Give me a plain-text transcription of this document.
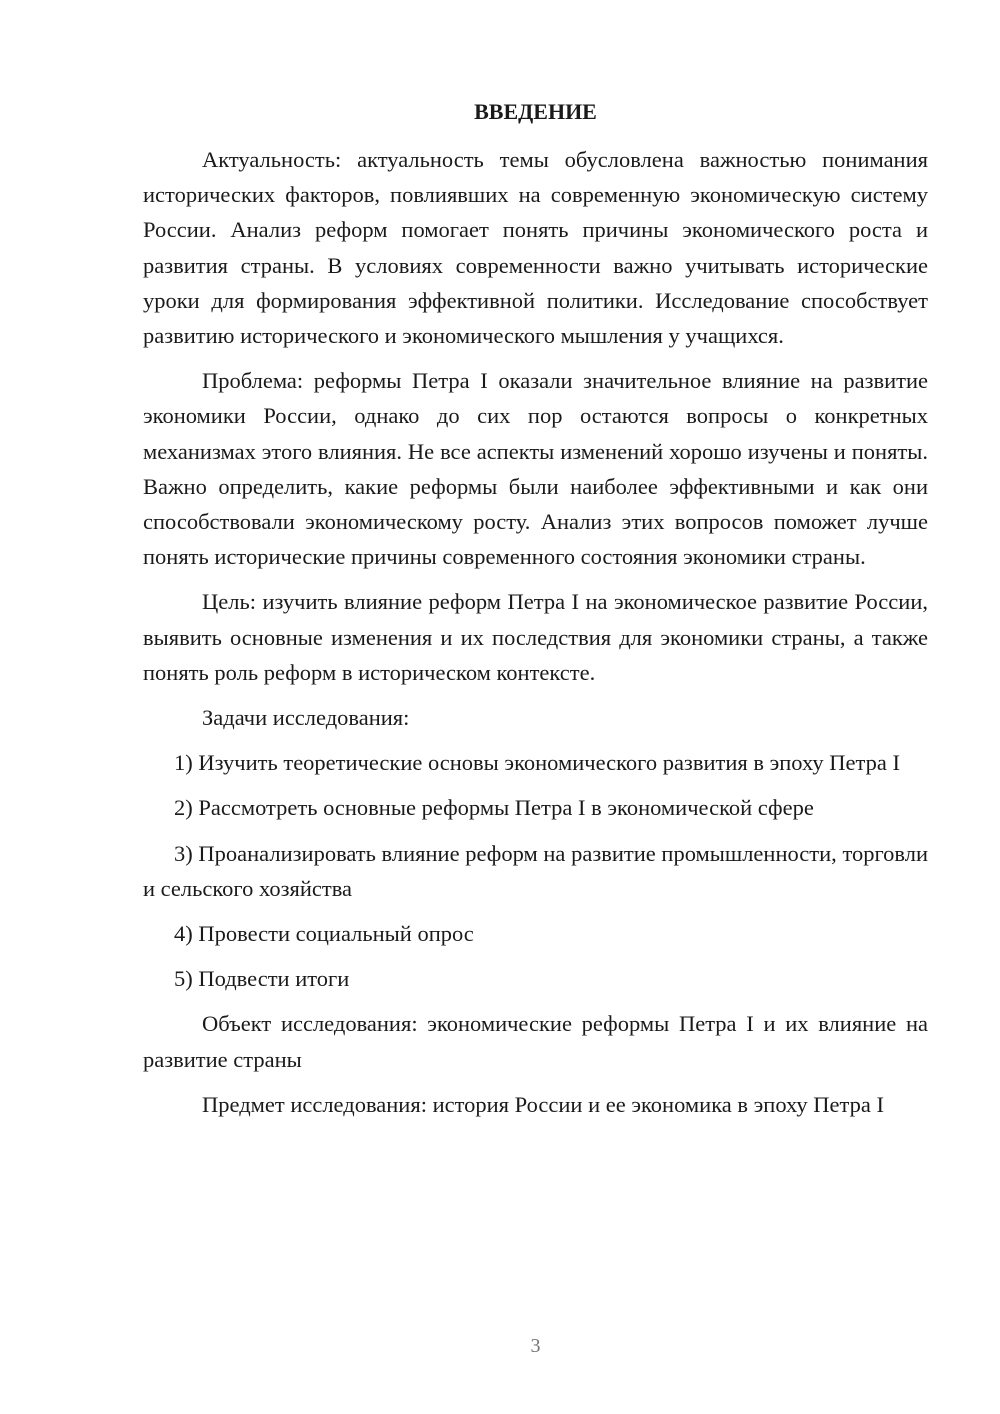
ВВЕДЕНИЕ

Актуальность: актуальность темы обусловлена важностью понимания исторических факторов, повлиявших на современную экономическую систему России. Анализ реформ помогает понять причины экономического роста и развития страны. В условиях современности важно учитывать исторические уроки для формирования эффективной политики. Исследование способствует развитию исторического и экономического мышления у учащихся.

Проблема: реформы Петра I оказали значительное влияние на развитие экономики России, однако до сих пор остаются вопросы о конкретных механизмах этого влияния. Не все аспекты изменений хорошо изучены и поняты. Важно определить, какие реформы были наиболее эффективными и как они способствовали экономическому росту. Анализ этих вопросов поможет лучше понять исторические причины современного состояния экономики страны.

Цель: изучить влияние реформ Петра I на экономическое развитие России, выявить основные изменения и их последствия для экономики страны, а также понять роль реформ в историческом контексте.

Задачи исследования:

1) Изучить теоретические основы экономического развития в эпоху Петра I

2) Рассмотреть основные реформы Петра I в экономической сфере

3) Проанализировать влияние реформ на развитие промышленности, торговли и сельского хозяйства

4) Провести социальный опрос

5) Подвести итоги

Объект исследования: экономические реформы Петра I и их влияние на развитие страны

Предмет исследования: история России и ее экономика в эпоху Петра I

3
